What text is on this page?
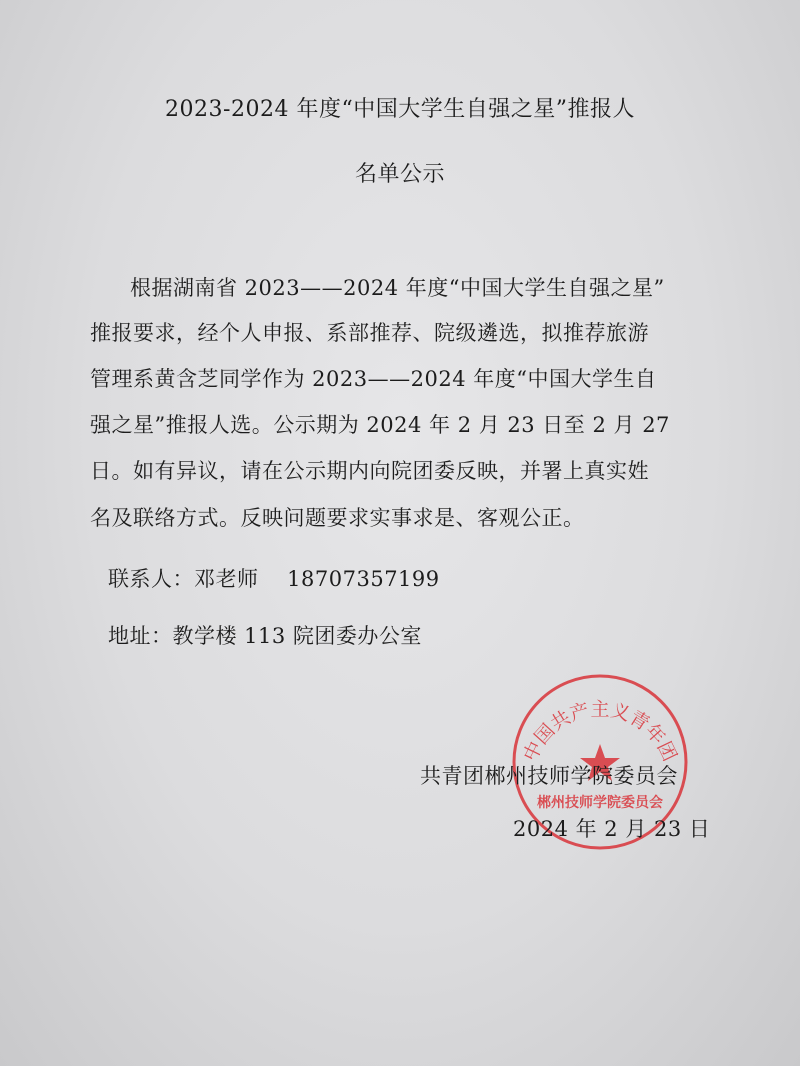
2023-2024 年度“中国大学生自强之星”推报人
名单公示
根据湖南省 2023——2024 年度“中国大学生自强之星”
推报要求，经个人申报、系部推荐、院级遴选，拟推荐旅游
管理系黄含芝同学作为 2023——2024 年度“中国大学生自
强之星”推报人选。公示期为 2024 年 2 月 23 日至 2 月 27
日。如有异议，请在公示期内向院团委反映，并署上真实姓
名及联络方式。反映问题要求实事求是、客观公正。
联系人：邓老师　 18707357199
地址：教学楼 113 院团委办公室
中国共产主义青年团
郴州技师学院委员会
共青团郴州技师学院委员会
2024 年 2 月 23 日
